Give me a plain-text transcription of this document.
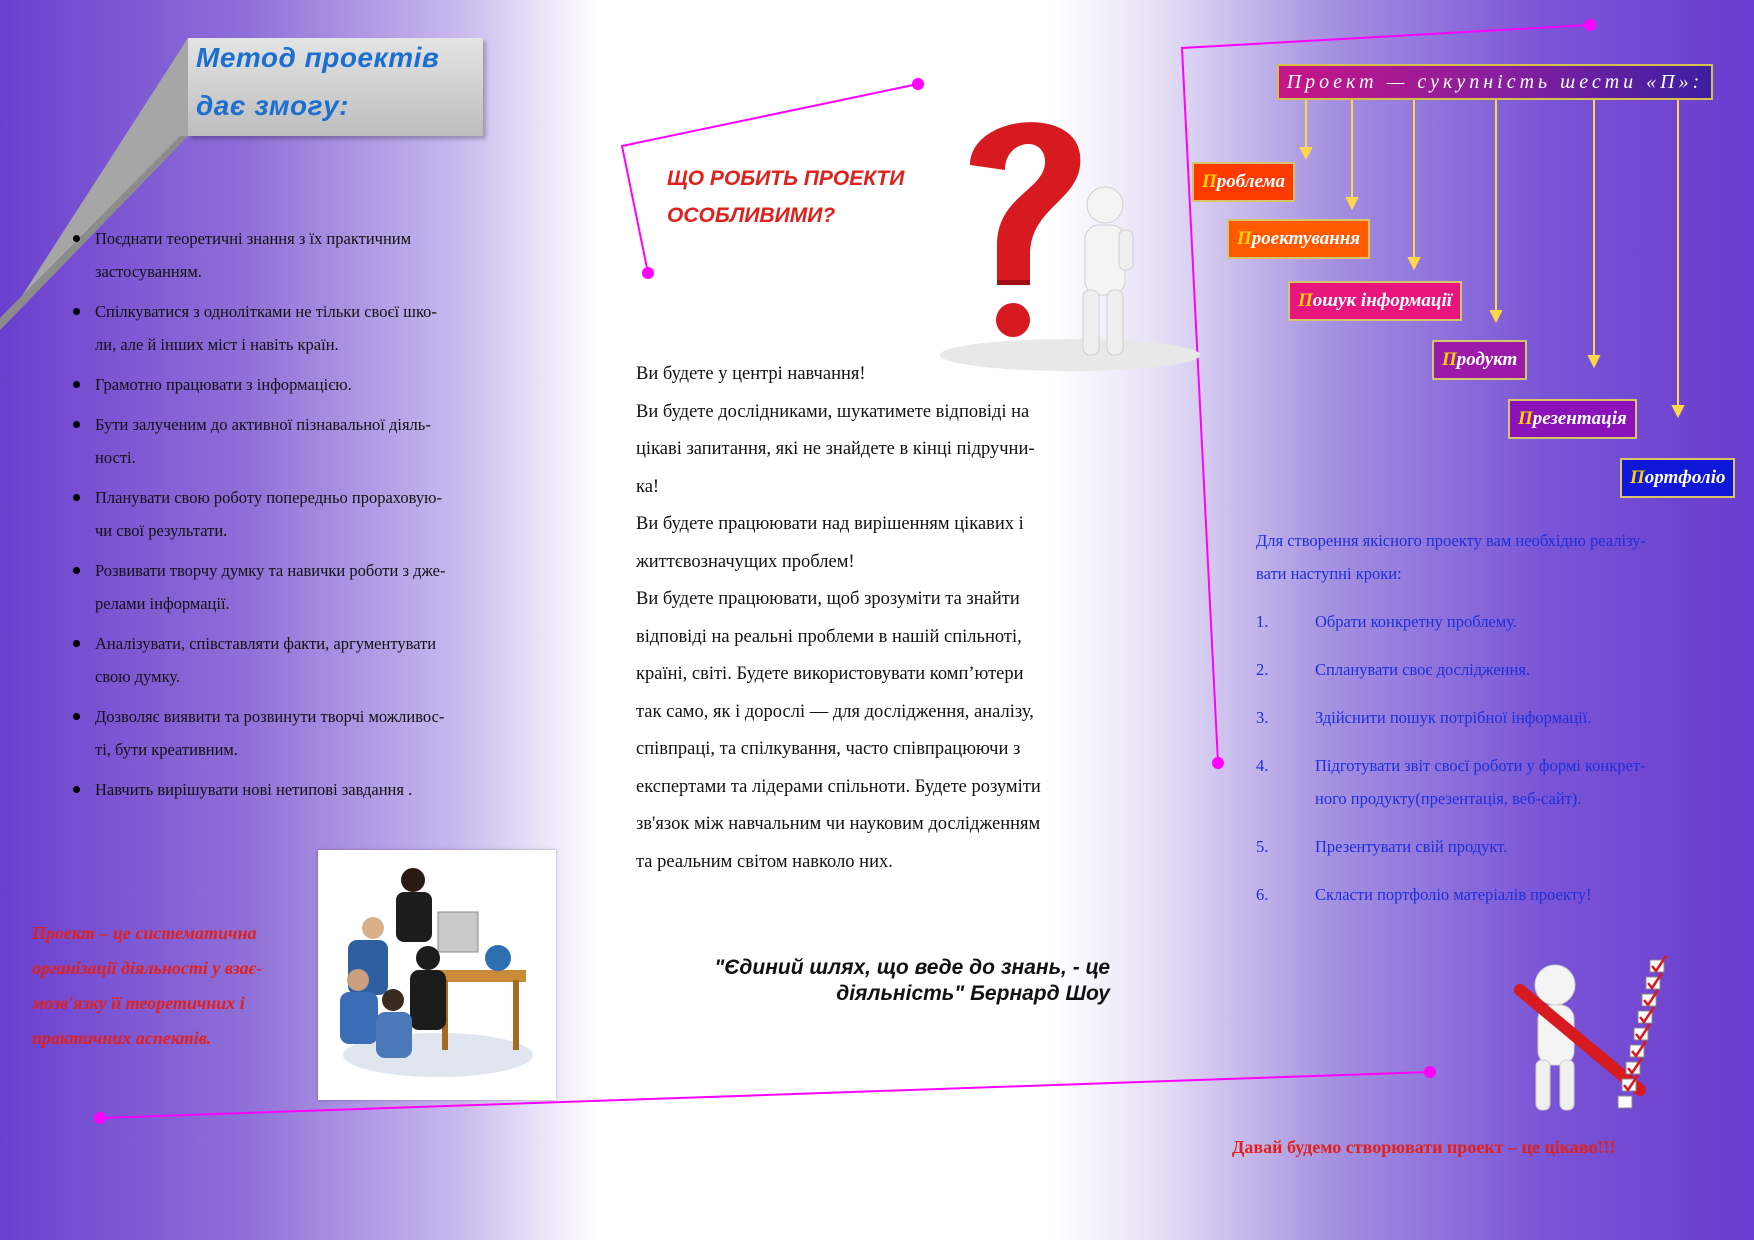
Метод проектів
дає змогу:
Поєднати теоретичні знання з їх практичним
застосуванням.
Спілкуватися з однолітками не тільки своєї шко-
ли, але й інших міст і навіть країн.
Грамотно працювати з інформацією.
Бути залученим до активної пізнавальної діяль-
ності.
Планувати свою роботу попередньо прораховую-
чи свої результати.
Розвивати творчу думку та навички роботи з дже-
релами інформації.
Аналізувати, співставляти факти, аргументувати
свою думку.
Дозволяє виявити та розвинути творчі можливос-
ті, бути креативним.
Навчить вирішувати нові нетипові завдання .
Проект – це систематична
організації діяльності у взає-
мозв'язку її теоретичних і
практичних аспектів.
ЩО РОБИТЬ ПРОЕКТИ
ОСОБЛИВИМИ?
Ви будете у центрі навчання!
Ви будете дослідниками, шукатимете відповіді на
цікаві запитання, які не знайдете в кінці підручни-
ка!
Ви будете працюювати над вирішенням цікавих і
життєвозначущих проблем!
Ви будете працюювати, щоб зрозуміти та знайти
відповіді на реальні проблеми в нашій спільноті,
країні, світі. Будете використовувати комп’ютери
так само, як і дорослі — для дослідження, аналізу,
співпраці, та спілкування, часто співпрацюючи з
експертами та лідерами спільноти. Будете розуміти
зв'язок між навчальним чи науковим дослідженням
та реальним світом навколо них.
"Єдиний шлях, що веде до знань, - це
діяльність" Бернард Шоу
Проект — сукупність шести «П»:
Проблема
Проектування
Пошук інформації
Продукт
Презентація
Портфоліо
Для створення якісного проекту вам необхідно реалізу-
вати наступні кроки:
1.	Обрати конкретну проблему.
2.	Спланувати своє дослідження.
3.	Здійснити пошук потрібної інформації.
4.	Підготувати звіт своєї роботи у формі конкрет-
ного продукту(презентація, веб-сайт).
5.	Презентувати свій продукт.
6.	Скласти портфоліо матеріалів проекту!
Давай будемо створювати проект – це цікаво!!!
